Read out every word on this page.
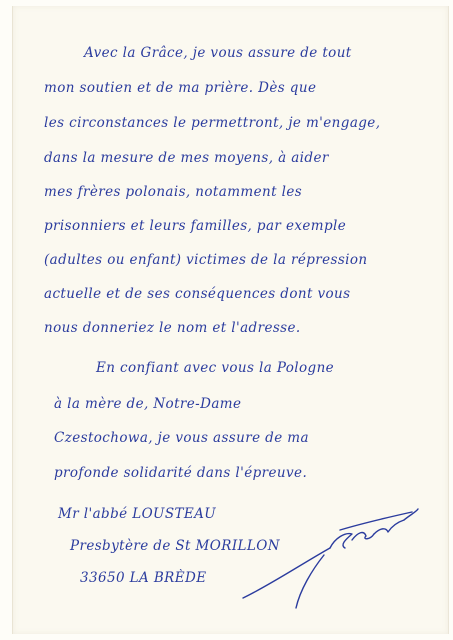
Avec la Grâce, je vous assure de tout
mon soutien et de ma prière. Dès que
les circonstances le permettront, je m'engage,
dans la mesure de mes moyens, à aider
mes frères polonais, notamment les
prisonniers et leurs familles, par exemple
(adultes ou enfant) victimes de la répression
actuelle et de ses conséquences dont vous
nous donneriez le nom et l'adresse.
En confiant avec vous la Pologne
à la mère de, Notre-Dame
Czestochowa, je vous assure de ma
profonde solidarité dans l'épreuve.
Mr l'abbé LOUSTEAU
Presbytère de St MORILLON
33650 LA BRÈDE
